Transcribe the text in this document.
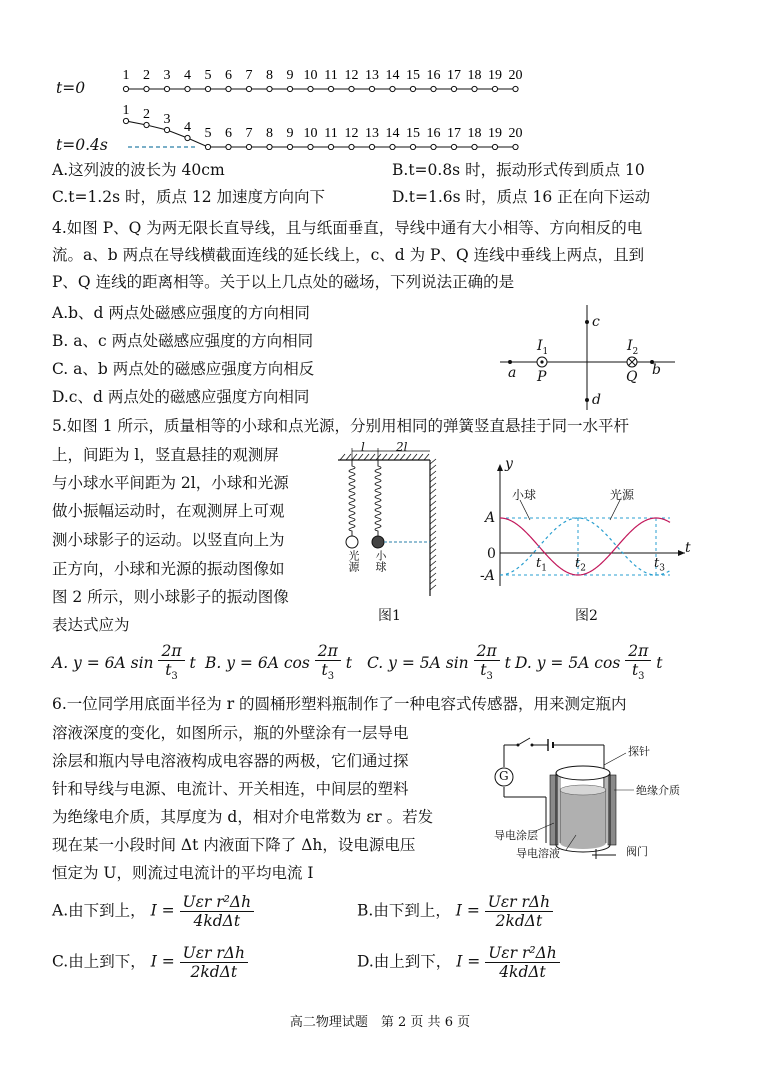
1 2 3 4 5 6 7 8 9 10 11 12 13 14 15 16 17 18 19 20
1 2 3
4 5 6 7 8 9 10 11 12 13 14 15 16 17 18 19 20
t=0
t=0.4s
A.这列波的波长为 40cm	B.t=0.8s 时，振动形式传到质点 10
C.t=1.2s 时，质点 12 加速度方向向下	D.t=1.6s 时，质点 16 正在向下运动
4.如图 P、Q 为两无限长直导线，且与纸面垂直，导线中通有大小相等、方向相反的电
流。a、b 两点在导线横截面连线的延长线上，c、d 为 P、Q 连线中垂线上两点，且到
P、Q 连线的距离相等。关于以上几点处的磁场，下列说法正确的是
A.b、d 两点处磁感应强度的方向相同
B. a、c 两点处磁感应强度的方向相同
C. a、b 两点处的磁感应强度方向相反
D.c、d 两点处的磁感应强度方向相同
c
d
a	b
P	Q
$I_1$	$I_2$
5.如图 1 所示，质量相等的小球和点光源，分别用相同的弹簧竖直悬挂于同一水平杆
上，间距为 l，竖直悬挂的观测屏
与小球水平间距为 2l，小球和光源
做小振幅运动时，在观测屏上可观
测小球影子的运动。以竖直向上为
正方向，小球和光源的振动图像如
图 2 所示，则小球影子的振动图像
表达式应为
l	2l
光源 小球
图1
y
t
A
-A
0
$t_1$ $t_2$	$t_3$
小球	光源
图2
A. y = 6A $\sin \frac{2\pi}{t_3}$ t B. y = 6A $\cos \frac{2\pi}{t_3}$ t C. y = 5A $\sin \frac{2\pi}{t_3}$ t D. y = 5A $\cos \frac{2\pi}{t_3}$ t
6.一位同学用底面半径为 r 的圆桶形塑料瓶制作了一种电容式传感器，用来测定瓶内
溶液深度的变化，如图所示，瓶的外壁涂有一层导电
涂层和瓶内导电溶液构成电容器的两极，它们通过探
针和导线与电源、电流计、开关相连，中间层的塑料
为绝缘电介质，其厚度为 d，相对介电常数为 εr 。若发
现在某一小段时间 Δt 内液面下降了 Δh，设电源电压
恒定为 U，则流过电流计的平均电流 I
G
探针
绝缘介质
导电涂层
导电溶液	阀门
A.由下到上， $I = \frac{\text{Uεr r²Δh}}{\text{4kdΔt}}$	B.由下到上， $I = \frac{\text{Uεr rΔh}}{\text{2kdΔt}}$
C.由上到下， $I = \frac{\text{Uεr rΔh}}{\text{2kdΔt}}$	D.由上到下， $I = \frac{\text{Uεr r²Δh}}{\text{4kdΔt}}$
高二物理试题　第 2 页 共 6 页
